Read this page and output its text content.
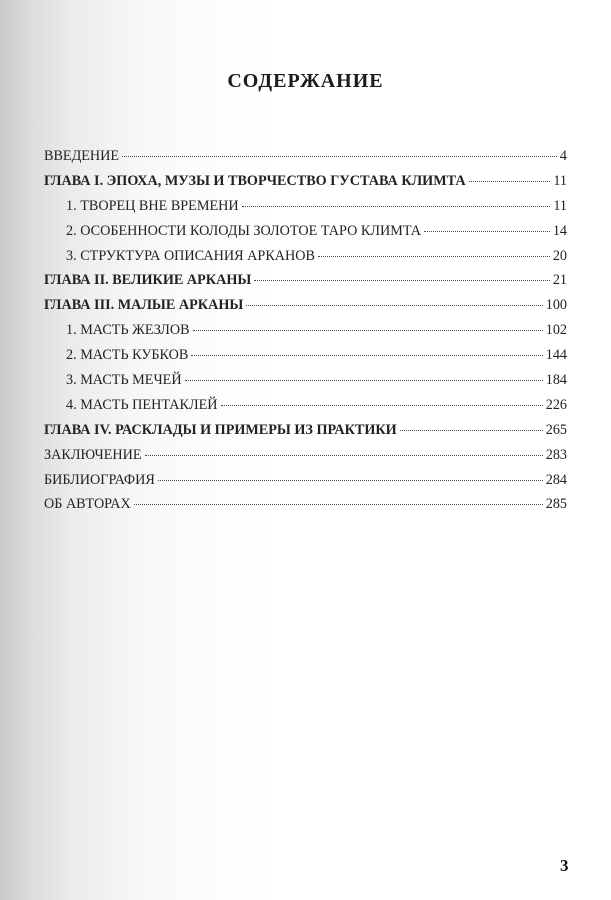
СОДЕРЖАНИЕ
ВВЕДЕНИЕ	4
ГЛАВА I. ЭПОХА, МУЗЫ И ТВОРЧЕСТВО ГУСТАВА КЛИМТА	11
1. ТВОРЕЦ ВНЕ ВРЕМЕНИ	11
2. ОСОБЕННОСТИ КОЛОДЫ ЗОЛОТОЕ ТАРО КЛИМТА	14
3. СТРУКТУРА ОПИСАНИЯ АРКАНОВ	20
ГЛАВА II. ВЕЛИКИЕ АРКАНЫ	21
ГЛАВА III. МАЛЫЕ АРКАНЫ	100
1. МАСТЬ ЖЕЗЛОВ	102
2. МАСТЬ КУБКОВ	144
3. МАСТЬ МЕЧЕЙ	184
4. МАСТЬ ПЕНТАКЛЕЙ	226
ГЛАВА IV. РАСКЛАДЫ И ПРИМЕРЫ ИЗ ПРАКТИКИ	265
ЗАКЛЮЧЕНИЕ	283
БИБЛИОГРАФИЯ	284
ОБ АВТОРАХ	285
3
